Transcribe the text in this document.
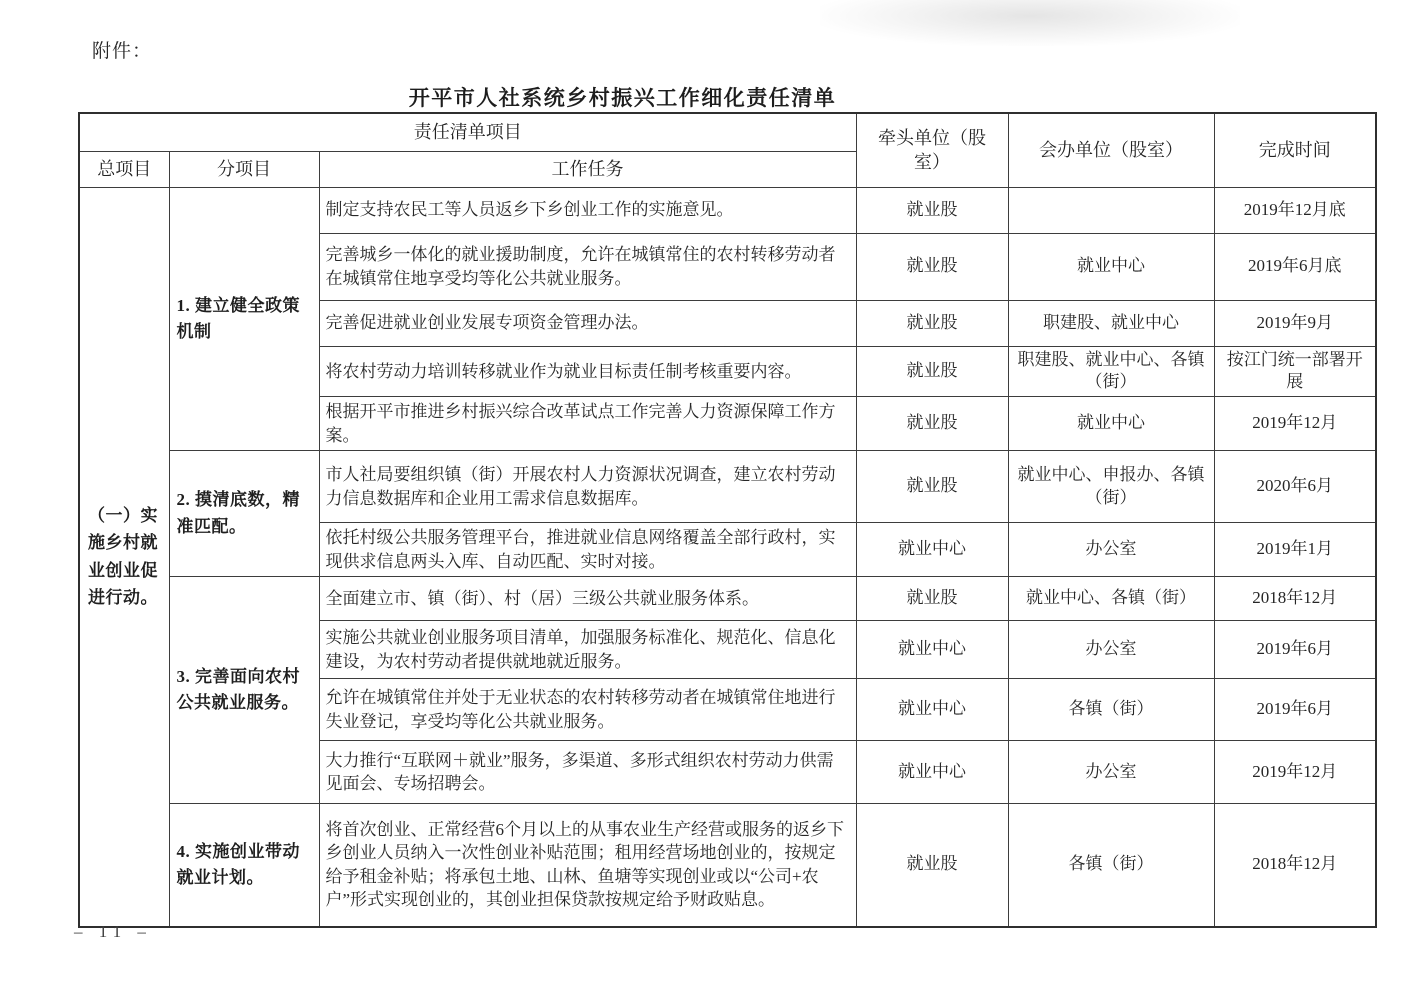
附件：
开平市人社系统乡村振兴工作细化责任清单
责任清单项目			牵头单位（股室）	会办单位（股室）	完成时间
总项目	分项目	工作任务			
（一）实施乡村就业创业促进行动。	1. 建立健全政策机制	制定支持农民工等人员返乡下乡创业工作的实施意见。	就业股		2019年12月底
		完善城乡一体化的就业援助制度，允许在城镇常住的农村转移劳动者在城镇常住地享受均等化公共就业服务。	就业股	就业中心	2019年6月底
		完善促进就业创业发展专项资金管理办法。	就业股	职建股、就业中心	2019年9月
		将农村劳动力培训转移就业作为就业目标责任制考核重要内容。	就业股	职建股、就业中心、各镇（街）	按江门统一部署开展
		根据开平市推进乡村振兴综合改革试点工作完善人力资源保障工作方案。	就业股	就业中心	2019年12月
	2. 摸清底数，精准匹配。	市人社局要组织镇（街）开展农村人力资源状况调查，建立农村劳动力信息数据库和企业用工需求信息数据库。	就业股	就业中心、申报办、各镇（街）	2020年6月
		依托村级公共服务管理平台，推进就业信息网络覆盖全部行政村，实现供求信息两头入库、自动匹配、实时对接。	就业中心	办公室	2019年1月
	3. 完善面向农村公共就业服务。	全面建立市、镇（街）、村（居）三级公共就业服务体系。	就业股	就业中心、各镇（街）	2018年12月
		实施公共就业创业服务项目清单，加强服务标准化、规范化、信息化建设，为农村劳动者提供就地就近服务。	就业中心	办公室	2019年6月
		允许在城镇常住并处于无业状态的农村转移劳动者在城镇常住地进行失业登记，享受均等化公共就业服务。	就业中心	各镇（街）	2019年6月
		大力推行“互联网＋就业”服务，多渠道、多形式组织农村劳动力供需见面会、专场招聘会。	就业中心	办公室	2019年12月
	4. 实施创业带动就业计划。	将首次创业、正常经营6个月以上的从事农业生产经营或服务的返乡下乡创业人员纳入一次性创业补贴范围；租用经营场地创业的，按规定给予租金补贴；将承包土地、山林、鱼塘等实现创业或以“公司+农户”形式实现创业的，其创业担保贷款按规定给予财政贴息。	就业股	各镇（街）	2018年12月
– 11 –
